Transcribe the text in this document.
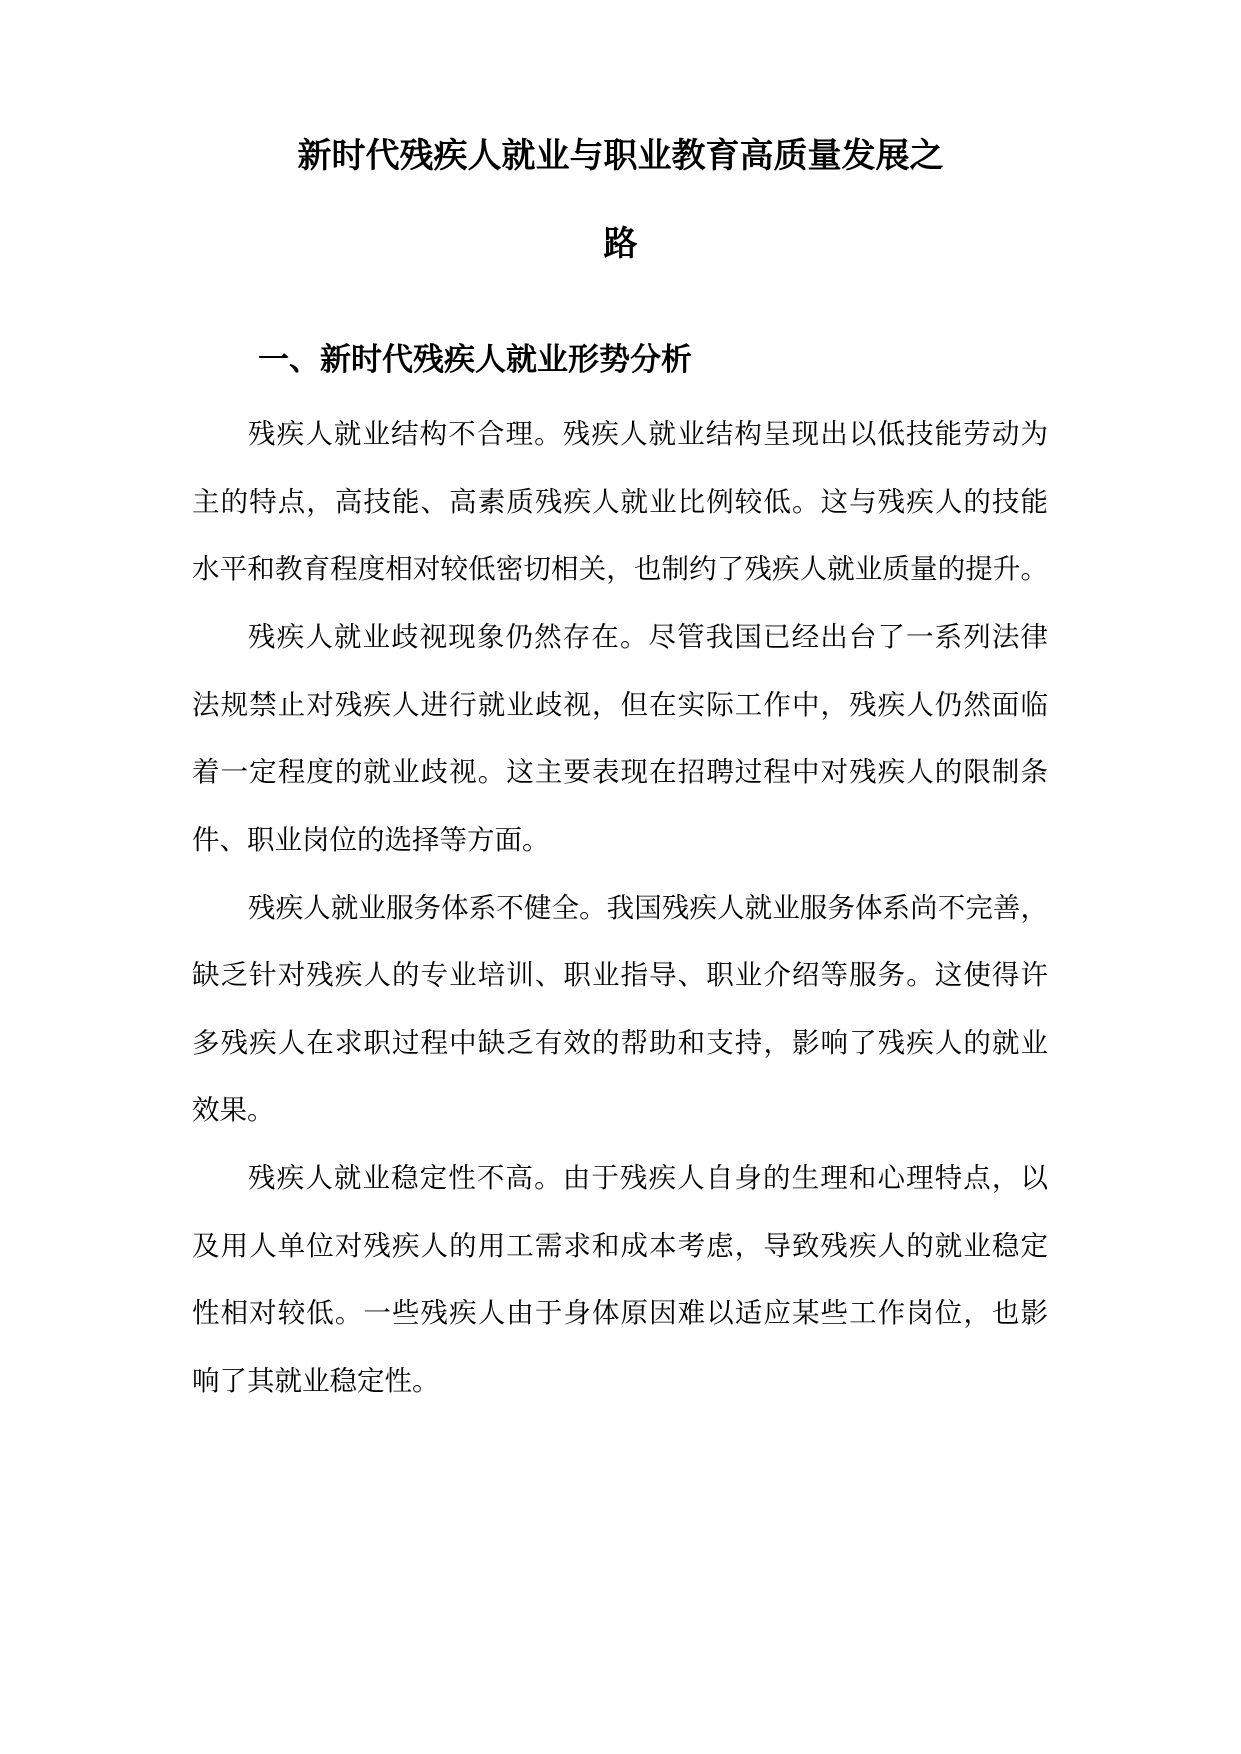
新时代残疾人就业与职业教育高质量发展之
路
一、新时代残疾人就业形势分析
残疾人就业结构不合理。残疾人就业结构呈现出以低技能劳动为
主的特点，高技能、高素质残疾人就业比例较低。这与残疾人的技能
水平和教育程度相对较低密切相关，也制约了残疾人就业质量的提升。
残疾人就业歧视现象仍然存在。尽管我国已经出台了一系列法律
法规禁止对残疾人进行就业歧视，但在实际工作中，残疾人仍然面临
着一定程度的就业歧视。这主要表现在招聘过程中对残疾人的限制条
件、职业岗位的选择等方面。
残疾人就业服务体系不健全。我国残疾人就业服务体系尚不完善，
缺乏针对残疾人的专业培训、职业指导、职业介绍等服务。这使得许
多残疾人在求职过程中缺乏有效的帮助和支持，影响了残疾人的就业
效果。
残疾人就业稳定性不高。由于残疾人自身的生理和心理特点，以
及用人单位对残疾人的用工需求和成本考虑，导致残疾人的就业稳定
性相对较低。一些残疾人由于身体原因难以适应某些工作岗位，也影
响了其就业稳定性。
